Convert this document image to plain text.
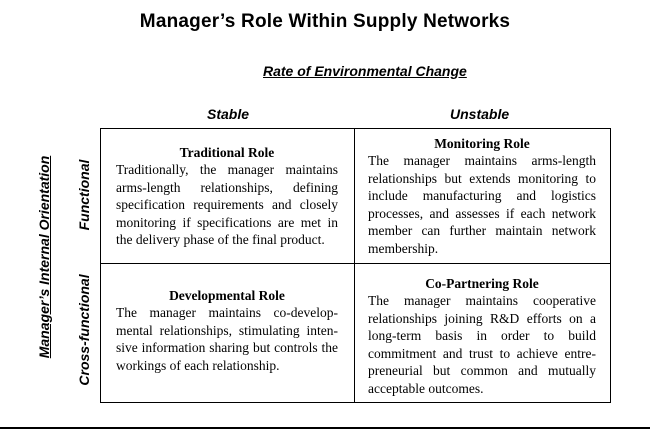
Manager’s Role Within Supply Networks
Rate of Environmental Change
Stable	Unstable
Manager’s Internal Orientation Functional
Cross-functional
Traditional Role
Traditionally, the manager maintains arms-length relationships, defining specification requirements and closely monitoring if specifications are met in the delivery phase of the final product.
Monitoring Role
The manager maintains arms-length relationships but extends monitoring to include manufacturing and logistics processes, and assesses if each network member can further maintain network membership.
Developmental Role
The manager maintains co-developmental relationships, stimulating intensive information sharing but controls the workings of each relationship.
Co-Partnering Role
The manager maintains cooperative relationships joining R&D efforts on a long-term basis in order to build commitment and trust to achieve entrepreneurial but common and mutually acceptable outcomes.
